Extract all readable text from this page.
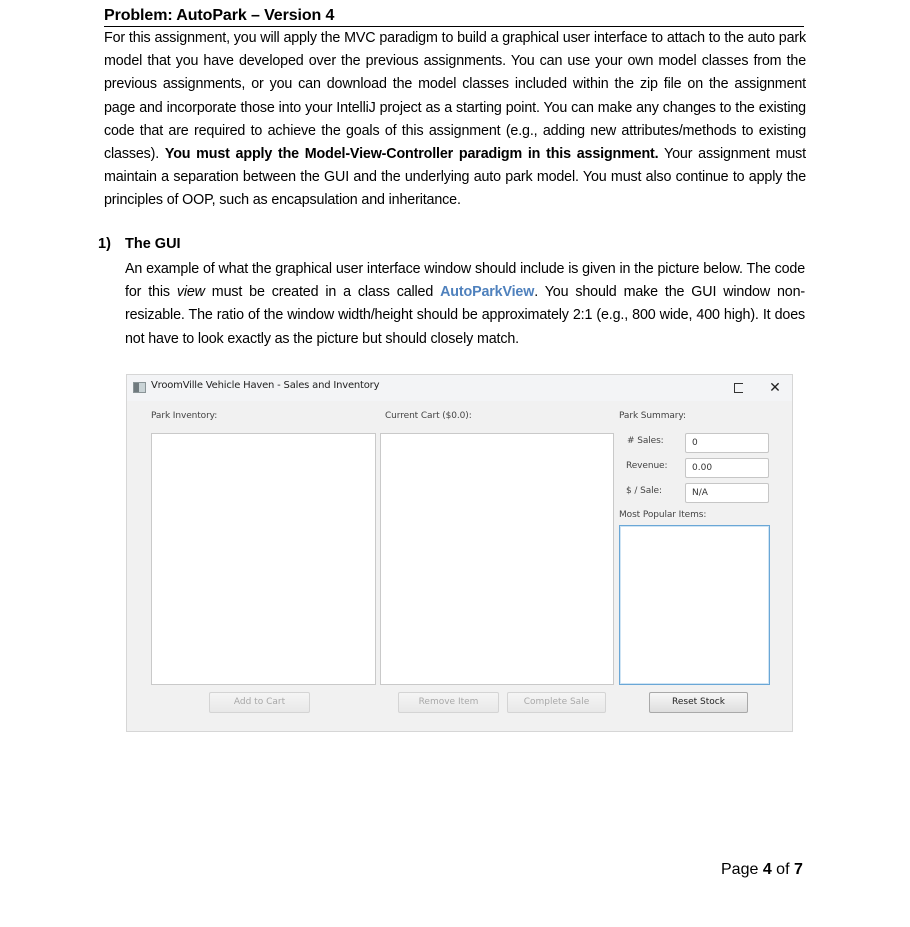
Problem: AutoPark – Version 4
For this assignment, you will apply the MVC paradigm to build a graphical user interface to attach to the auto park model that you have developed over the previous assignments. You can use your own model classes from the previous assignments, or you can download the model classes included within the zip file on the assignment page and incorporate those into your IntelliJ project as a starting point. You can make any changes to the existing code that are required to achieve the goals of this assignment (e.g., adding new attributes/methods to existing classes). You must apply the Model-View-Controller paradigm in this assignment. Your assignment must maintain a separation between the GUI and the underlying auto park model. You must also continue to apply the principles of OOP, such as encapsulation and inheritance.
1) The GUI
An example of what the graphical user interface window should include is given in the picture below. The code for this view must be created in a class called AutoParkView. You should make the GUI window non-resizable. The ratio of the window width/height should be approximately 2:1 (e.g., 800 wide, 400 high). It does not have to look exactly as the picture but should closely match.
VroomVille Vehicle Haven - Sales and Inventory	✕
Park Inventory:	Current Cart ($0.0):	Park Summary:
# Sales:	0
Revenue:	0.00
$ / Sale:	N/A
Most Popular Items:
Add to Cart	Remove Item	Complete Sale	Reset Stock
Page 4 of 7
